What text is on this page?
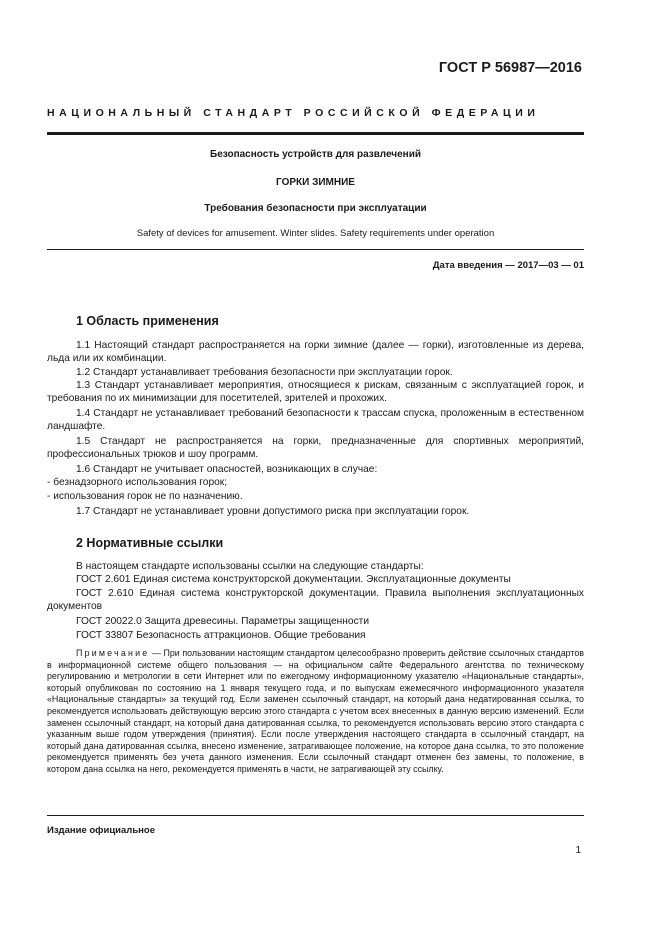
ГОСТ Р 56987—2016
НАЦИОНАЛЬНЫЙ СТАНДАРТ РОССИЙСКОЙ ФЕДЕРАЦИИ
Безопасность устройств для развлечений
ГОРКИ ЗИМНИЕ
Требования безопасности при эксплуатации
Safety of devices for amusement. Winter slides. Safety requirements under operation
Дата введения — 2017—03 — 01
1 Область применения

1.1 Настоящий стандарт распространяется на горки зимние (далее — горки), изготовленные из дерева, льда или их комбинации.

1.2 Стандарт устанавливает требования безопасности при эксплуатации горок.

1.3 Стандарт устанавливает мероприятия, относящиеся к рискам, связанным с эксплуатацией горок, и требования по их минимизации для посетителей, зрителей и прохожих.

1.4 Стандарт не устанавливает требований безопасности к трассам спуска, проложенным в естественном ландшафте.

1.5 Стандарт не распространяется на горки, предназначенные для спортивных мероприятий, профессиональных трюков и шоу программ.

1.6 Стандарт не учитывает опасностей, возникающих в случае:
- безнадзорного использования горок;
- использования горок не по назначению.
1.7 Стандарт не устанавливает уровни допустимого риска при эксплуатации горок.
2 Нормативные ссылки
В настоящем стандарте использованы ссылки на следующие стандарты:
ГОСТ 2.601 Единая система конструкторской документации. Эксплуатационные документы

ГОСТ 2.610 Единая система конструкторской документации. Правила выполнения эксплуатационных документов

ГОСТ 20022.0 Защита древесины. Параметры защищенности
ГОСТ 33807 Безопасность аттракционов. Общие требования

Примечание — При пользовании настоящим стандартом целесообразно проверить действие ссылочных стандартов в информационной системе общего пользования — на официальном сайте Федерального агентства по техническому регулированию и метрологии в сети Интернет или по ежегодному информационному указателю «Национальные стандарты», который опубликован по состоянию на 1 января текущего года, и по выпускам ежемесячного информационного указателя «Национальные стандарты» за текущий год. Если заменен ссылочный стандарт, на который дана недатированная ссылка, то рекомендуется использовать действующую версию этого стандарта с учетом всех внесенных в данную версию изменений. Если заменен ссылочный стандарт, на который дана датированная ссылка, то рекомендуется использовать версию этого стандарта с указанным выше годом утверждения (принятия). Если после утверждения настоящего стандарта в ссылочный стандарт, на который дана датированная ссылка, внесено изменение, затрагивающее положение, на которое дана ссылка, то это положение рекомендуется применять без учета данного изменения. Если ссылочный стандарт отменен без замены, то положение, в котором дана ссылка на него, рекомендуется применять в части, не затрагивающей эту ссылку.

Издание официальное
1
